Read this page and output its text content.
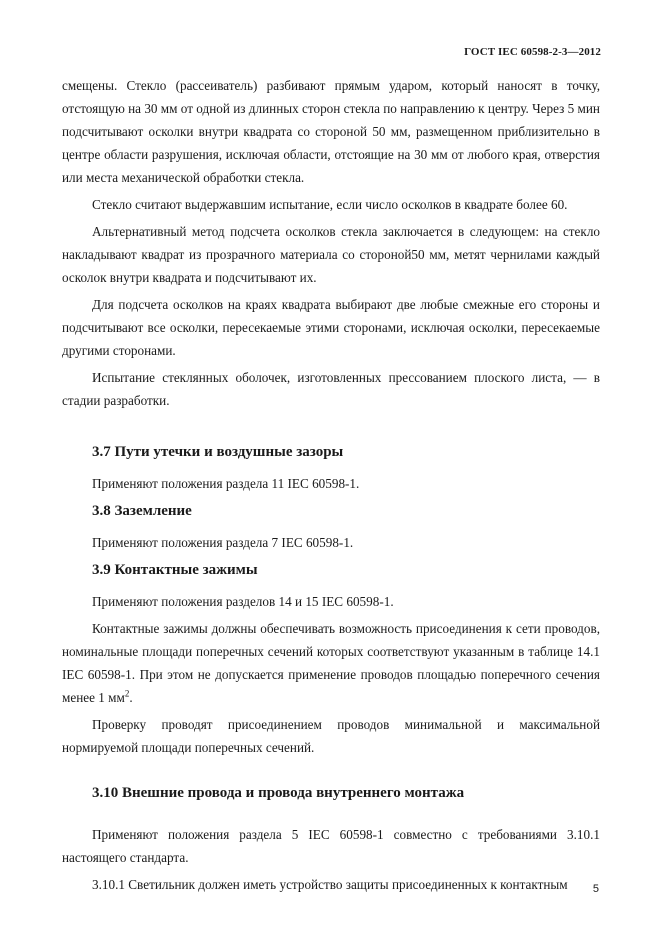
ГОСТ IEC 60598-2-3—2012

смещены. Стекло (рассеиватель) разбивают прямым ударом, который наносят в точку, отстоящую на 30 мм от одной из длинных сторон стекла по направлению к центру. Через 5 мин подсчитывают осколки внутри квадрата со стороной 50 мм, размещенном приблизительно в центре области разрушения, исключая области, отстоящие на 30 мм от любого края, отверстия или места механической обработки стекла.

Стекло считают выдержавшим испытание, если число осколков в квадрате более 60.

Альтернативный метод подсчета осколков стекла заключается в следующем: на стекло накладывают квадрат из прозрачного материала со стороной50 мм, метят чернилами каждый осколок внутри квадрата и подсчитывают их.

Для подсчета осколков на краях квадрата выбирают две любые смежные его стороны и подсчитывают все осколки, пересекаемые этими сторонами, исключая осколки, пересекаемые другими сторонами.

Испытание стеклянных оболочек, изготовленных прессованием плоского листа, — в стадии разработки.

3.7 Пути утечки и воздушные зазоры

Применяют положения раздела 11 IEC 60598-1.

3.8 Заземление

Применяют положения раздела 7 IEC 60598-1.

3.9 Контактные зажимы

Применяют положения разделов 14 и 15 IEC 60598-1.

Контактные зажимы должны обеспечивать возможность присоединения к сети проводов, номинальные площади поперечных сечений которых соответствуют указанным в таблице 14.1 IEC 60598-1. При этом не допускается применение проводов площадью поперечного сечения менее 1 $мм^2$.

Проверку проводят присоединением проводов минимальной и максимальной нормируемой площади поперечных сечений.

3.10 Внешние провода и провода внутреннего монтажа

Применяют положения раздела 5 IEC 60598-1 совместно с требованиями 3.10.1 настоящего стандарта.

3.10.1 Светильник должен иметь устройство защиты присоединенных к контактным	5
